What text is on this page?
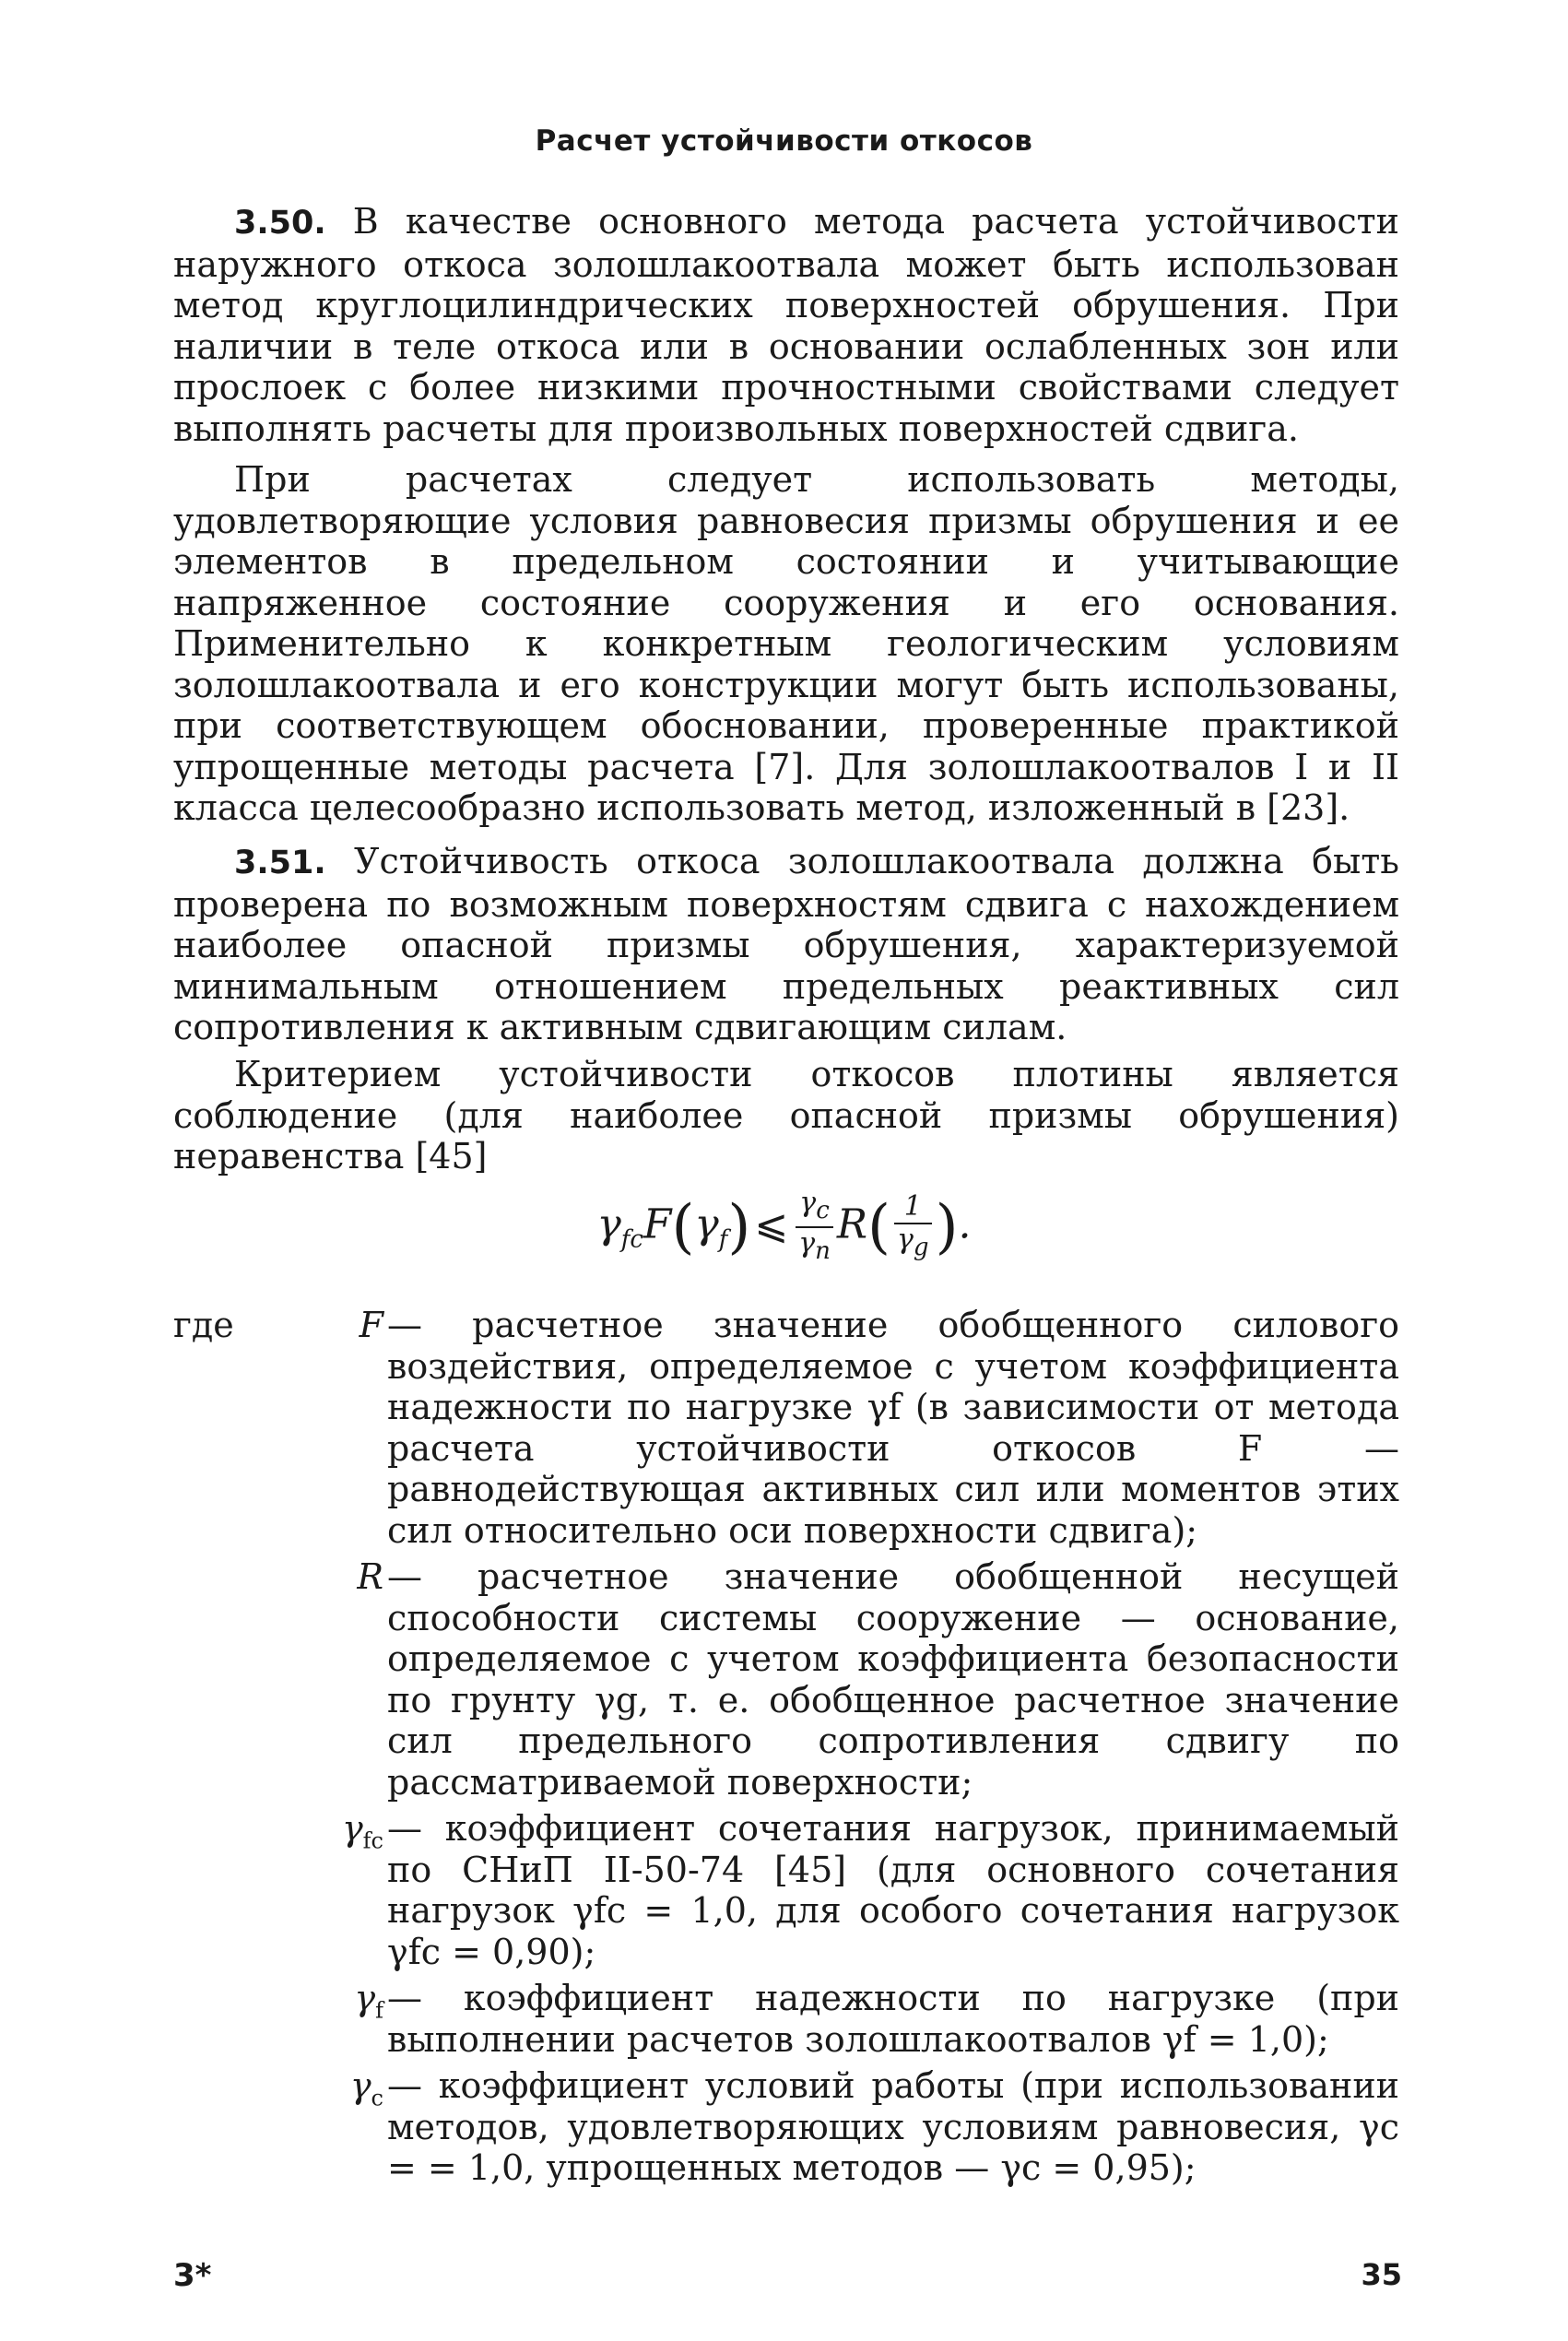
Расчет устойчивости откосов

3.50. В качестве основного метода расчета устойчивости наружного откоса золошлакоотвала может быть использован метод круглоцилиндрических поверхностей обрушения. При наличии в теле откоса или в основании ослабленных зон или прослоек с более низкими прочностными свойствами следует выполнять расчеты для произвольных поверхностей сдвига.

При расчетах следует использовать методы, удовлетворяющие условия равновесия призмы обрушения и ее элементов в предельном состоянии и учитывающие напряженное состояние сооружения и его основания. Применительно к конкретным геологическим условиям золошлакоотвала и его конструкции могут быть использованы, при соответствующем обосновании, проверенные практикой упрощенные методы расчета [7]. Для золошлакоотвалов I и II класса целесообразно использовать метод, изложенный в [23].

3.51. Устойчивость откоса золошлакоотвала должна быть проверена по возможным поверхностям сдвига с нахождением наиболее опасной призмы обрушения, характеризуемой минимальным отношением предельных реактивных сил сопротивления к активным сдвигающим силам.

Критерием устойчивости откосов плотины является соблюдение (для наиболее опасной призмы обрушения) неравенства [45]

$\gamma_{fc}F(\gamma_f)⩽ \frac{\gamma_c}{\gamma_n} R( \frac{1}{\gamma_g}$ ).
где	F — расчетное значение обобщенного силового воздействия, определяемое с учетом коэффициента надежности по нагрузке γf (в зависимости от метода расчета устойчивости откосов F — равнодействующая активных сил или моментов этих сил относительно оси поверхности сдвига);
R — расчетное значение обобщенной несущей способности системы сооружение — основание, определяемое с учетом коэффициента безопасности по грунту γg, т. е. обобщенное расчетное значение сил предельного сопротивления сдвигу по рассматриваемой поверхности;
$\gamma_{fc}$ — коэффициент сочетания нагрузок, принимаемый по СНиП II-50-74 [45] (для основного сочетания нагрузок γfc = 1,0, для особого сочетания нагрузок γfc = 0,90);
$\gamma_f$ — коэффициент надежности по нагрузке (при выполнении расчетов золошлакоотвалов γf = 1,0);
$\gamma_c$ — коэффициент условий работы (при использовании методов, удовлетворяющих условиям равновесия, γc = = 1,0, упрощенных методов — γc = 0,95);
3*	35
